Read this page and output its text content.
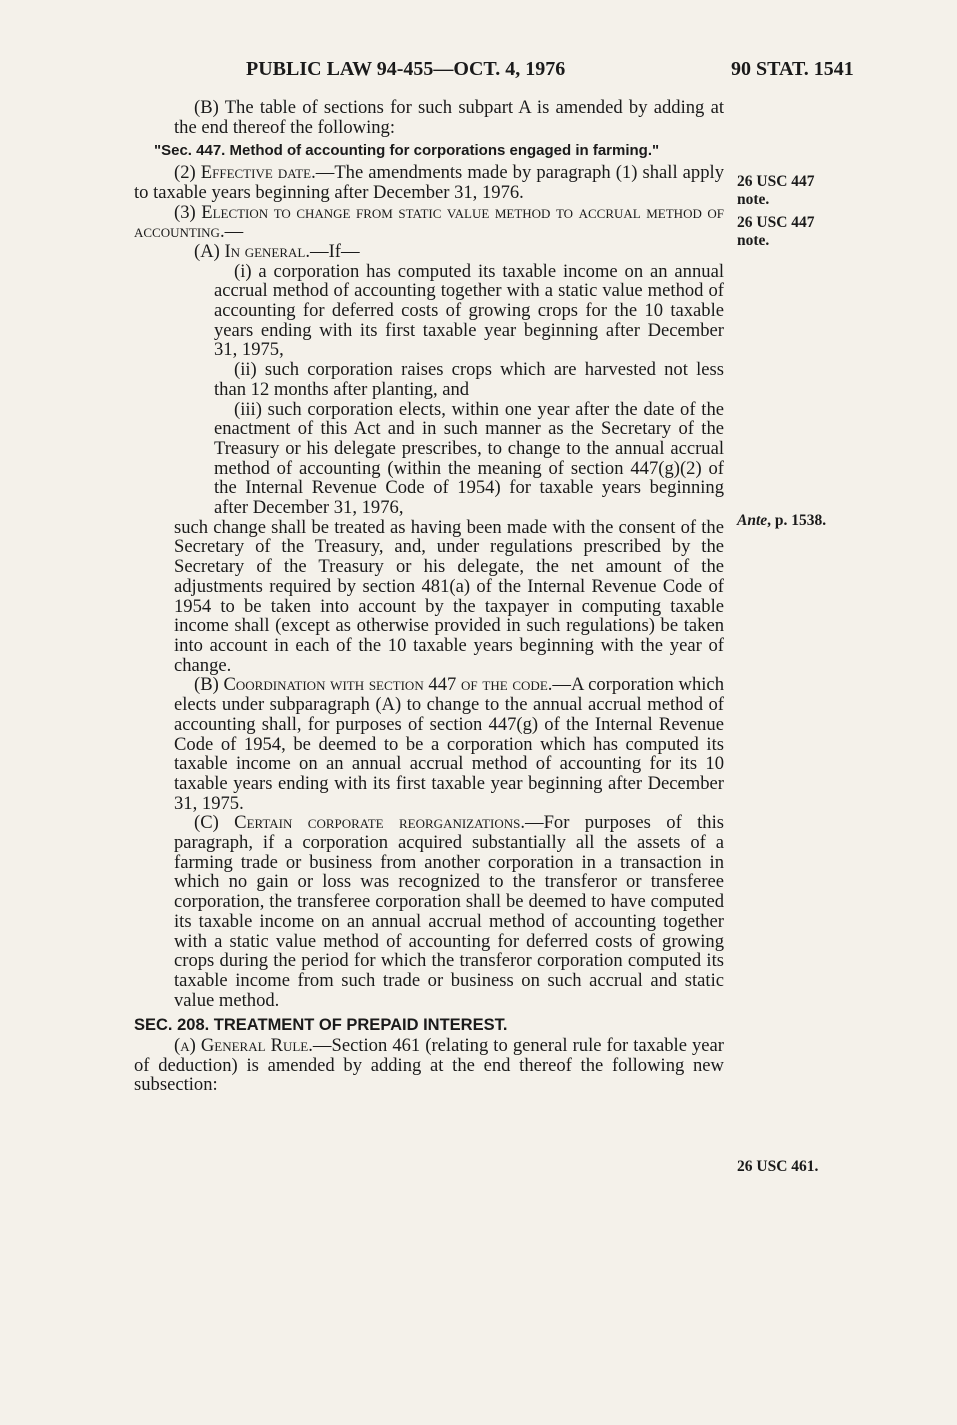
PUBLIC LAW 94-455—OCT. 4, 1976	90 STAT. 1541

(B) The table of sections for such subpart A is amended by adding at the end thereof the following:

"Sec. 447. Method of accounting for corporations engaged in farming."

(2) Effective date.—The amendments made by paragraph (1) shall apply to taxable years beginning after December 31, 1976.

(3) Election to change from static value method to accrual method of accounting.—

(A) In general.—If—

(i) a corporation has computed its taxable income on an annual accrual method of accounting together with a static value method of accounting for deferred costs of growing crops for the 10 taxable years ending with its first taxable year beginning after December 31, 1975,

(ii) such corporation raises crops which are harvested not less than 12 months after planting, and

(iii) such corporation elects, within one year after the date of the enactment of this Act and in such manner as the Secretary of the Treasury or his delegate prescribes, to change to the annual accrual method of accounting (within the meaning of section 447(g)(2) of the Internal Revenue Code of 1954) for taxable years beginning after December 31, 1976,

such change shall be treated as having been made with the consent of the Secretary of the Treasury, and, under regulations prescribed by the Secretary of the Treasury or his delegate, the net amount of the adjustments required by section 481(a) of the Internal Revenue Code of 1954 to be taken into account by the taxpayer in computing taxable income shall (except as otherwise provided in such regulations) be taken into account in each of the 10 taxable years beginning with the year of change.

(B) Coordination with section 447 of the code.—A corporation which elects under subparagraph (A) to change to the annual accrual method of accounting shall, for purposes of section 447(g) of the Internal Revenue Code of 1954, be deemed to be a corporation which has computed its taxable income on an annual accrual method of accounting for its 10 taxable years ending with its first taxable year beginning after December 31, 1975.

(C) Certain corporate reorganizations.—For purposes of this paragraph, if a corporation acquired substantially all the assets of a farming trade or business from another corporation in a transaction in which no gain or loss was recognized to the transferor or transferee corporation, the transferee corporation shall be deemed to have computed its taxable income on an annual accrual method of accounting together with a static value method of accounting for deferred costs of growing crops during the period for which the transferor corporation computed its taxable income from such trade or business on such accrual and static value method.

SEC. 208. TREATMENT OF PREPAID INTEREST.

(a) General Rule.—Section 461 (relating to general rule for taxable year of deduction) is amended by adding at the end thereof the following new subsection:

26 USC 447
note.
26 USC 447
note.
Ante, p. 1538.
26 USC 461.
